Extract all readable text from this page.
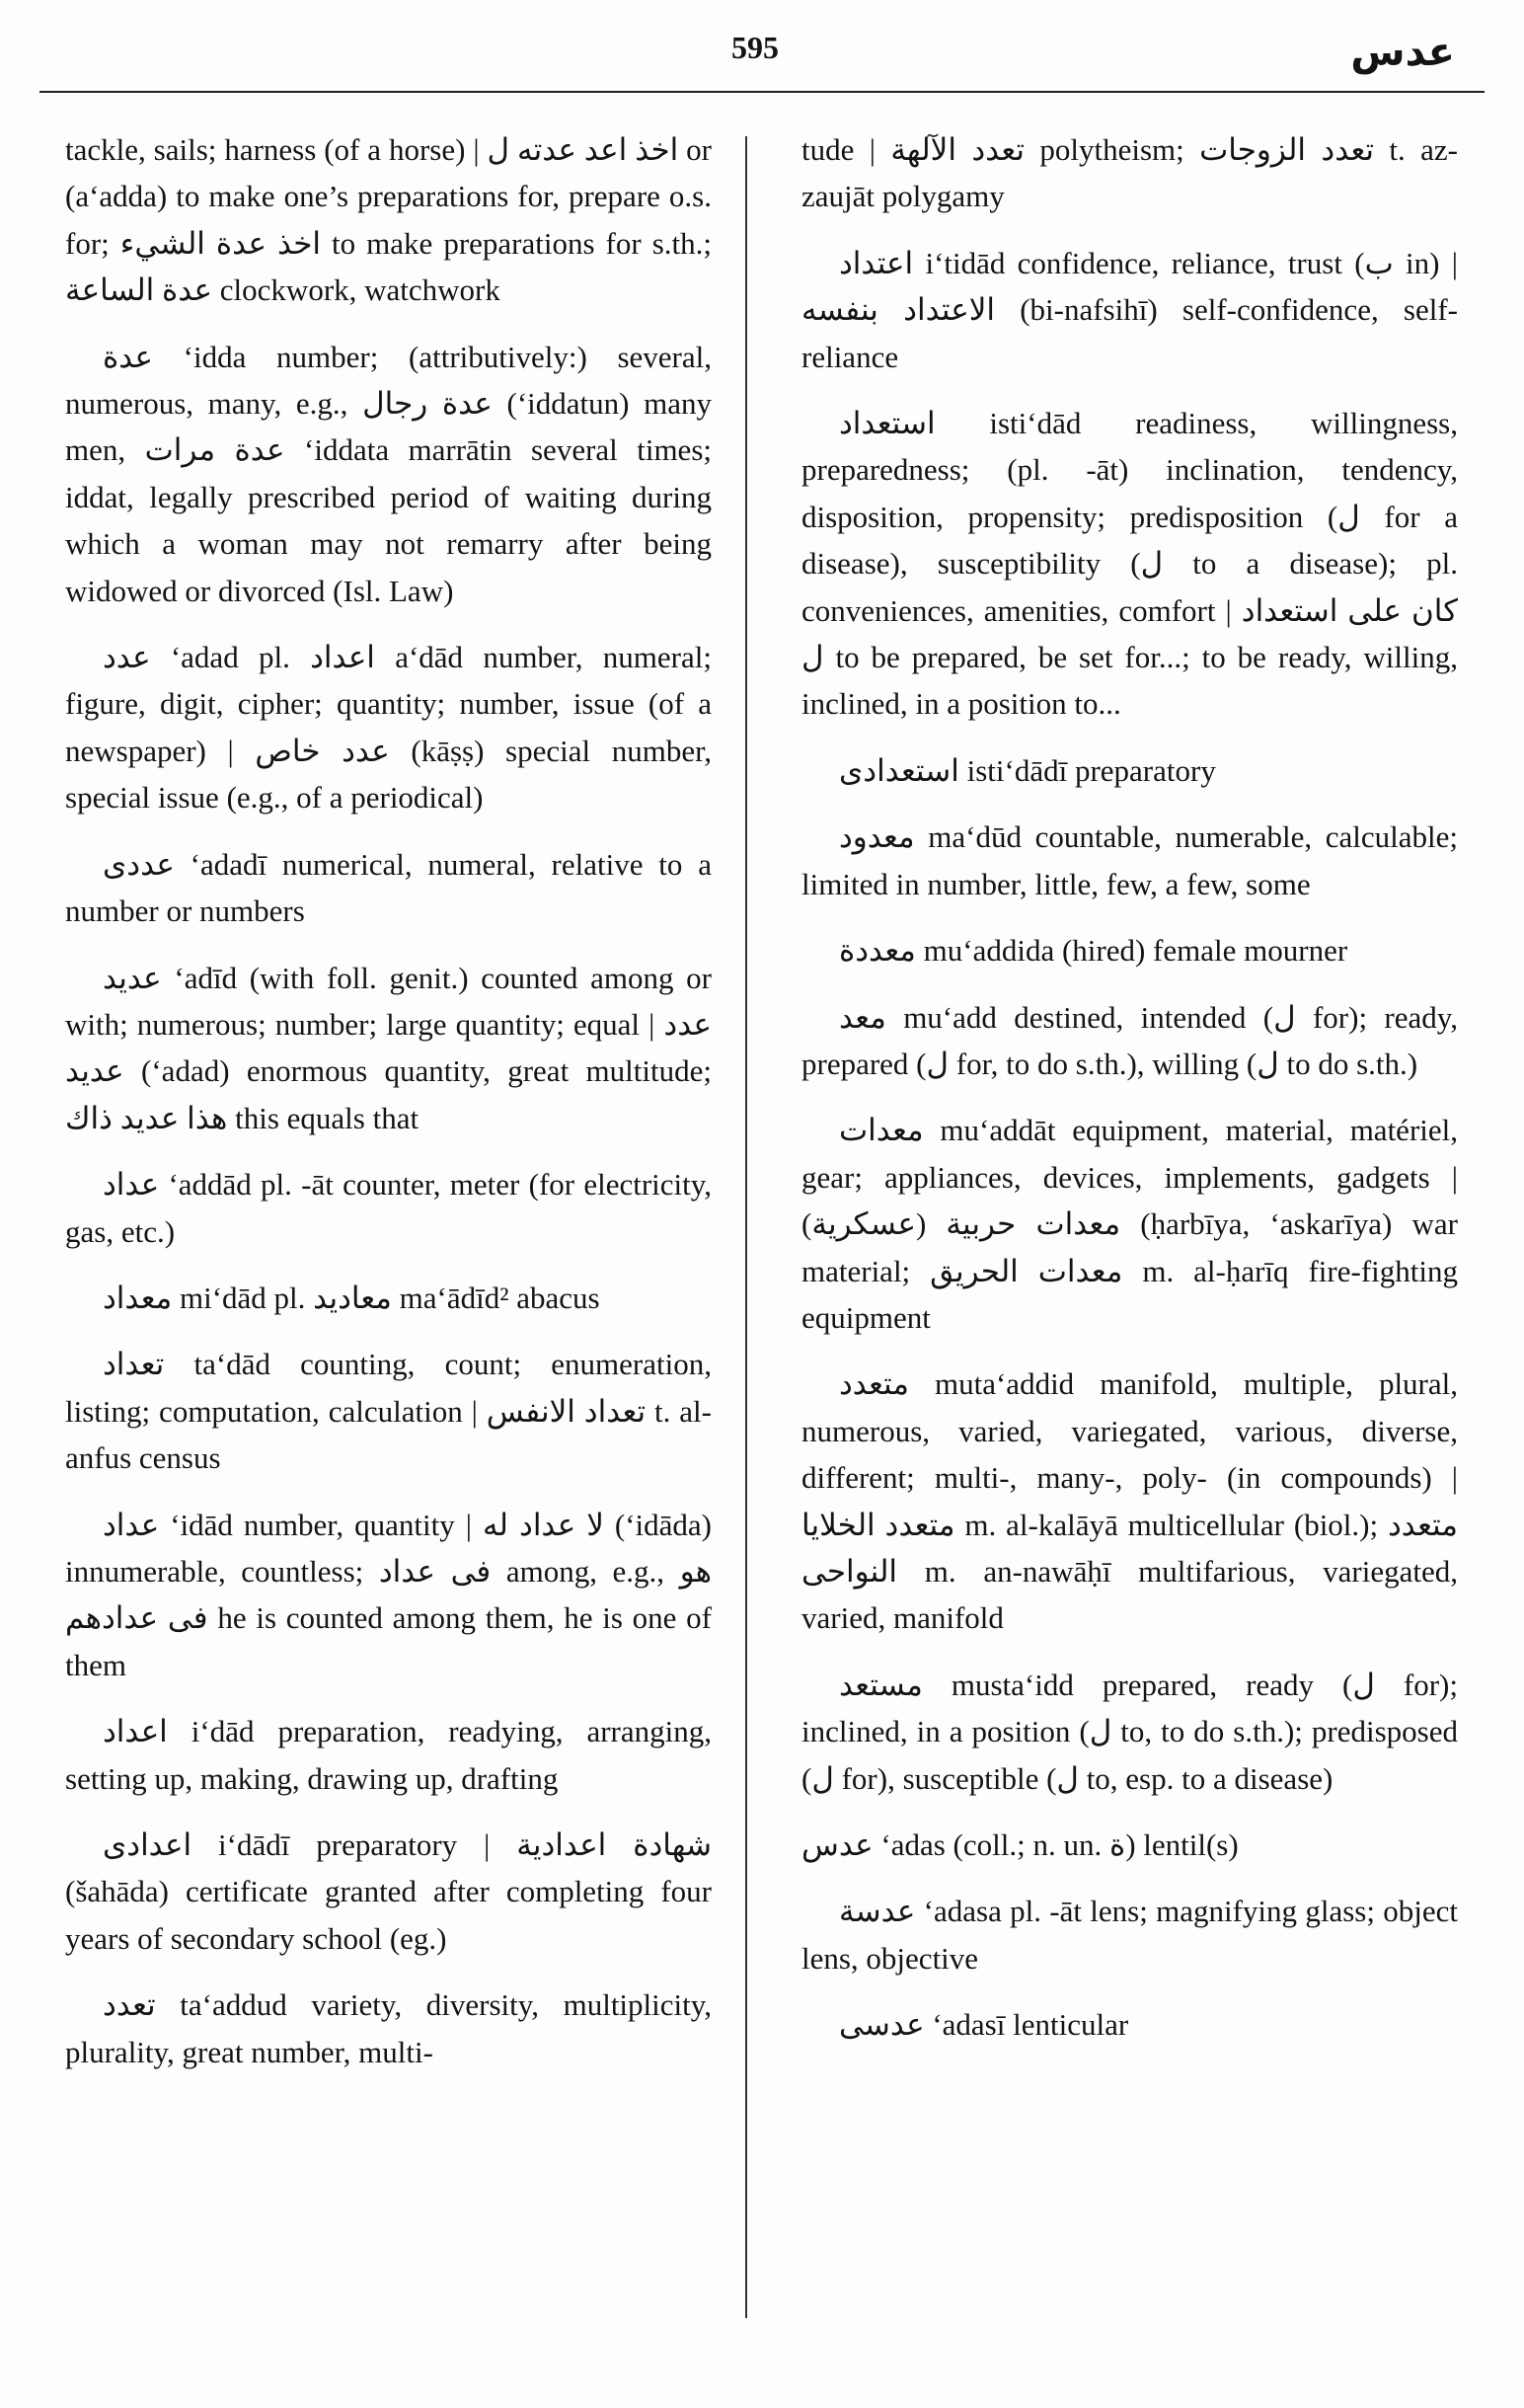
595	عدس

tackle, sails; harness (of a horse) | اخذ اعد عدته ل or (a‘adda) to make one’s preparations for, prepare o.s. for; اخذ عدة الشيء to make preparations for s.th.; عدة الساعة clockwork, watchwork

عدة ‘idda number; (attributively:) several, numerous, many, e.g., عدة رجال (‘iddatun) many men, عدة مرات ‘iddata marrātin several times; iddat, legally prescribed period of waiting during which a woman may not remarry after being widowed or divorced (Isl. Law)

عدد ‘adad pl. اعداد a‘dād number, numeral; figure, digit, cipher; quantity; number, issue (of a newspaper) | عدد خاص (kāṣṣ) special number, special issue (e.g., of a periodical)

عددى ‘adadī numerical, numeral, relative to a number or numbers

عديد ‘adīd (with foll. genit.) counted among or with; numerous; number; large quantity; equal | عدد عديد (‘adad) enormous quantity, great multitude; هذا عديد ذاك this equals that

عداد ‘addād pl. -āt counter, meter (for electricity, gas, etc.)

معداد mi‘dād pl. معاديد ma‘ādīd² abacus

تعداد ta‘dād counting, count; enumeration, listing; computation, calculation | تعداد الانفس t. al-anfus census

عداد ‘idād number, quantity | لا عداد له (‘idāda) innumerable, countless; فى عداد among, e.g., هو فى عدادهم he is counted among them, he is one of them

اعداد i‘dād preparation, readying, arranging, setting up, making, drawing up, drafting

اعدادى i‘dādī preparatory | شهادة اعدادية (šahāda) certificate granted after completing four years of secondary school (eg.)

تعدد ta‘addud variety, diversity, multiplicity, plurality, great number, multi-

tude | تعدد الآلهة polytheism; تعدد الزوجات t. az-zaujāt polygamy

اعتداد i‘tidād confidence, reliance, trust (ب in) | الاعتداد بنفسه (bi-nafsihī) self-confidence, self-reliance

استعداد isti‘dād readiness, willingness, preparedness; (pl. -āt) inclination, tendency, disposition, propensity; predisposition (ل for a disease), susceptibility (ل to a disease); pl. conveniences, amenities, comfort | كان على استعداد ل to be prepared, be set for...; to be ready, willing, inclined, in a position to...

استعدادى isti‘dādī preparatory

معدود ma‘dūd countable, numerable, calculable; limited in number, little, few, a few, some

معددة mu‘addida (hired) female mourner

معد mu‘add destined, intended (ل for); ready, prepared (ل for, to do s.th.), willing (ل to do s.th.)

معدات mu‘addāt equipment, material, matériel, gear; appliances, devices, implements, gadgets | معدات حربية (عسكرية) (ḥarbīya, ‘askarīya) war material; معدات الحريق m. al-ḥarīq fire-fighting equipment

متعدد muta‘addid manifold, multiple, plural, numerous, varied, variegated, various, diverse, different; multi-, many-, poly- (in compounds) | متعدد الخلايا m. al-kalāyā multicellular (biol.); متعدد النواحى m. an-nawāḥī multifarious, variegated, varied, manifold

مستعد musta‘idd prepared, ready (ل for); inclined, in a position (ل to, to do s.th.); predisposed (ل for), susceptible (ل to, esp. to a disease)

عدس ‘adas (coll.; n. un. ة) lentil(s)

عدسة ‘adasa pl. -āt lens; magnifying glass; object lens, objective

عدسى ‘adasī lenticular
